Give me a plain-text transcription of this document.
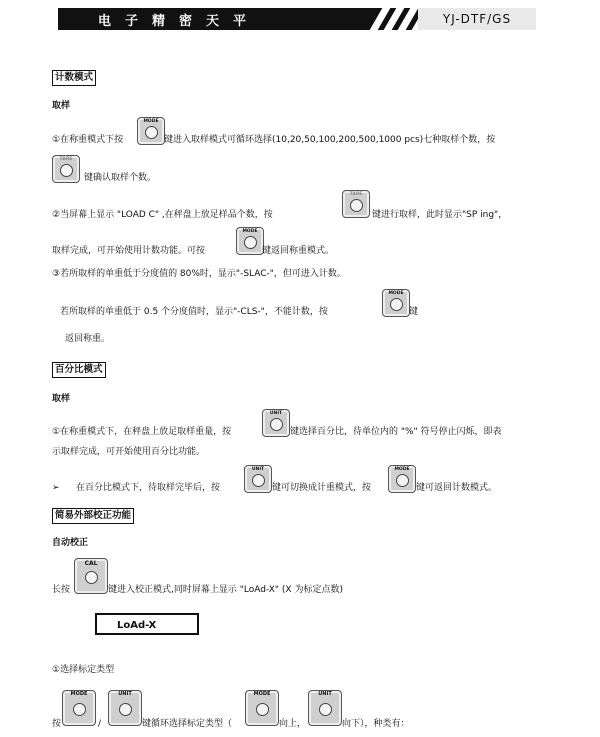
电子精密天平	YJ-DTF/GS
计数模式
取样
①在称重模式下按
MODE
键进入取样模式可循环选择(10,20,50,100,200,500,1000 pcs)七种取样个数，按
TARE
键确认取样个数。
②当屏幕上显示 "LOAD C" ,在秤盘上放足样品个数，按
TARE
键进行取样，此时显示"SP ing"，
取样完成，可开始使用计数功能。可按
MODE
键返回称重模式。
③若所取样的单重低于分度值的 80%时，显示"-SLAC-"，但可进入计数。
若所取样的单重低于 0.5 个分度值时，显示"-CLS-"，不能计数，按
MODE
键
返回称重。
百分比模式
取样
①在称重模式下，在秤盘上放足取样重量，按
UNIT
键选择百分比，待单位内的 "%" 符号停止闪烁，即表
示取样完成，可开始使用百分比功能。
➢ 在百分比模式下，待取样完毕后，按
UNIT
键可切换成计重模式，按
MODE
键可返回计数模式。
简易外部校正功能
自动校正
长按
CAL
键进入校正模式,同时屏幕上显示 "LoAd-X" (X 为标定点数)
LoAd-X
①选择标定类型
按
MODE
/
UNIT
键循环选择标定类型（
MODE
向上，
UNIT
向下），种类有：
